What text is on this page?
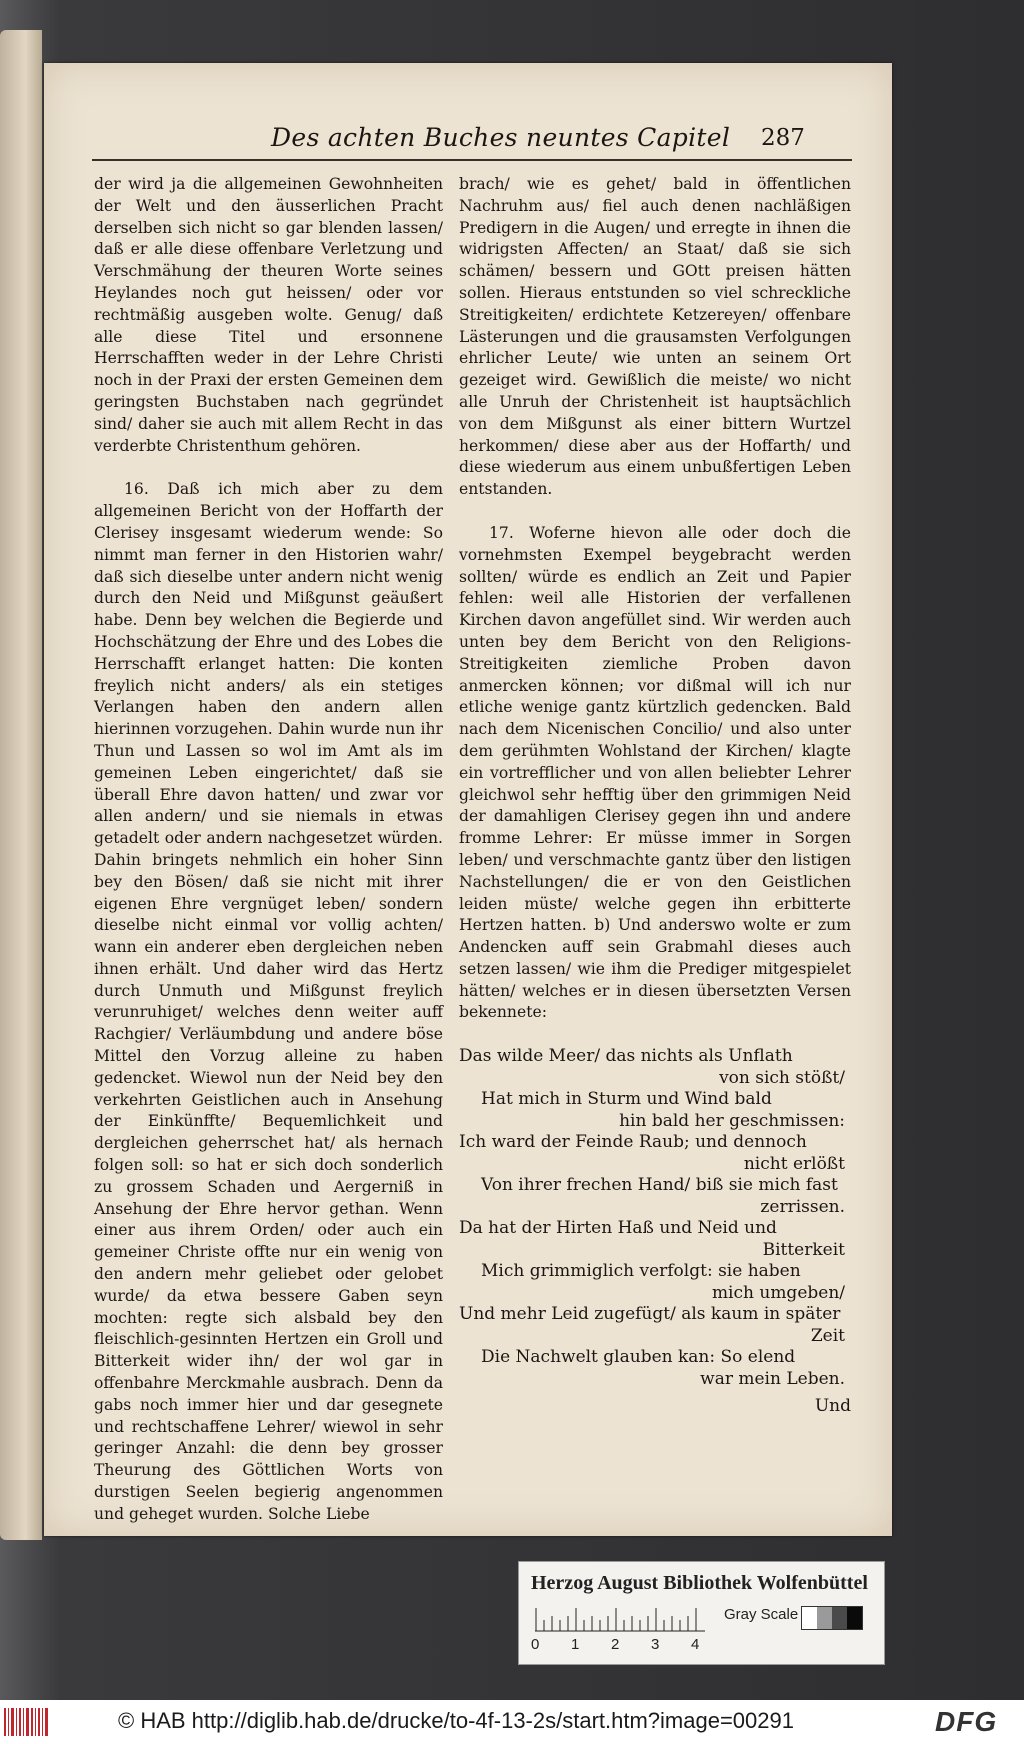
Des achten Buches neuntes Capitel 287

der wird ja die allgemeinen Gewohnheiten der Welt und den äusserlichen Pracht derselben sich nicht so gar blenden lassen/ daß er alle diese offenbare Verletzung und Verschmähung der theuren Worte seines Heylandes noch gut heissen/ oder vor rechtmäßig ausgeben wolte. Genug/ daß alle diese Titel und ersonnene Herrschafften weder in der Lehre Christi noch in der Praxi der ersten Gemeinen dem geringsten Buchstaben nach gegründet sind/ daher sie auch mit allem Recht in das verderbte Christenthum gehören.

16. Daß ich mich aber zu dem allgemeinen Bericht von der Hoffarth der Clerisey insgesamt wiederum wende: So nimmt man ferner in den Historien wahr/ daß sich dieselbe unter andern nicht wenig durch den Neid und Mißgunst geäußert habe. Denn bey welchen die Begierde und Hochschätzung der Ehre und des Lobes die Herrschafft erlanget hatten: Die konten freylich nicht anders/ als ein stetiges Verlangen haben den andern allen hierinnen vorzugehen. Dahin wurde nun ihr Thun und Lassen so wol im Amt als im gemeinen Leben eingerichtet/ daß sie überall Ehre davon hatten/ und zwar vor allen andern/ und sie niemals in etwas getadelt oder andern nachgesetzet würden. Dahin bringets nehmlich ein hoher Sinn bey den Bösen/ daß sie nicht mit ihrer eigenen Ehre vergnüget leben/ sondern dieselbe nicht einmal vor vollig achten/ wann ein anderer eben dergleichen neben ihnen erhält. Und daher wird das Hertz durch Unmuth und Mißgunst freylich verunruhiget/ welches denn weiter auff Rachgier/ Verläumbdung und andere böse Mittel den Vorzug alleine zu haben gedencket. Wiewol nun der Neid bey den verkehrten Geistlichen auch in Ansehung der Einkünffte/ Bequemlichkeit und dergleichen geherrschet hat/ als hernach folgen soll: so hat er sich doch sonderlich zu grossem Schaden und Aergerniß in Ansehung der Ehre hervor gethan. Wenn einer aus ihrem Orden/ oder auch ein gemeiner Christe offte nur ein wenig von den andern mehr geliebet oder gelobet wurde/ da etwa bessere Gaben seyn mochten: regte sich alsbald bey den fleischlich-gesinnten Hertzen ein Groll und Bitterkeit wider ihn/ der wol gar in offenbahre Merckmahle ausbrach. Denn da gabs noch immer hier und dar gesegnete und rechtschaffene Lehrer/ wiewol in sehr geringer Anzahl: die denn bey grosser Theurung des Göttlichen Worts von durstigen Seelen begierig angenommen und geheget wurden. Solche Liebe

brach/ wie es gehet/ bald in öffentlichen Nachruhm aus/ fiel auch denen nachläßigen Predigern in die Augen/ und erregte in ihnen die widrigsten Affecten/ an Staat/ daß sie sich schämen/ bessern und GOtt preisen hätten sollen. Hieraus entstunden so viel schreckliche Streitigkeiten/ erdichtete Ketzereyen/ offenbare Lästerungen und die grausamsten Verfolgungen ehrlicher Leute/ wie unten an seinem Ort gezeiget wird. Gewißlich die meiste/ wo nicht alle Unruh der Christenheit ist hauptsächlich von dem Mißgunst als einer bittern Wurtzel herkommen/ diese aber aus der Hoffarth/ und diese wiederum aus einem unbußfertigen Leben entstanden.

17. Woferne hievon alle oder doch die vornehmsten Exempel beygebracht werden sollten/ würde es endlich an Zeit und Papier fehlen: weil alle Historien der verfallenen Kirchen davon angefüllet sind. Wir werden auch unten bey dem Bericht von den Religions-Streitigkeiten ziemliche Proben davon anmercken können; vor dißmal will ich nur etliche wenige gantz kürtzlich gedencken. Bald nach dem Nicenischen Concilio/ und also unter dem gerühmten Wohlstand der Kirchen/ klagte ein vortrefflicher und von allen beliebter Lehrer gleichwol sehr hefftig über den grimmigen Neid der damahligen Clerisey gegen ihn und andere fromme Lehrer: Er müsse immer in Sorgen leben/ und verschmachte gantz über den listigen Nachstellungen/ die er von den Geistlichen leiden müste/ welche gegen ihn erbitterte Hertzen hatten. b) Und anderswo wolte er zum Andencken auff sein Grabmahl dieses auch setzen lassen/ wie ihm die Prediger mitgespielet hätten/ welches er in diesen übersetzten Versen bekennete:

Das wilde Meer/ das nichts als Unflath

von sich stößt/

Hat mich in Sturm und Wind bald

hin bald her geschmissen:

Ich ward der Feinde Raub; und dennoch

nicht erlößt

Von ihrer frechen Hand/ biß sie mich fast

zerrissen.

Da hat der Hirten Haß und Neid und

Bitterkeit

Mich grimmiglich verfolgt: sie haben

mich umgeben/

Und mehr Leid zugefügt/ als kaum in später

Zeit

Die Nachwelt glauben kan: So elend

war mein Leben.

Und
Herzog August Bibliothek Wolfenbüttel
0 1 2 3 4
Gray Scale
© HAB http://diglib.hab.de/drucke/to-4f-13-2s/start.htm?image=00291	DFG
